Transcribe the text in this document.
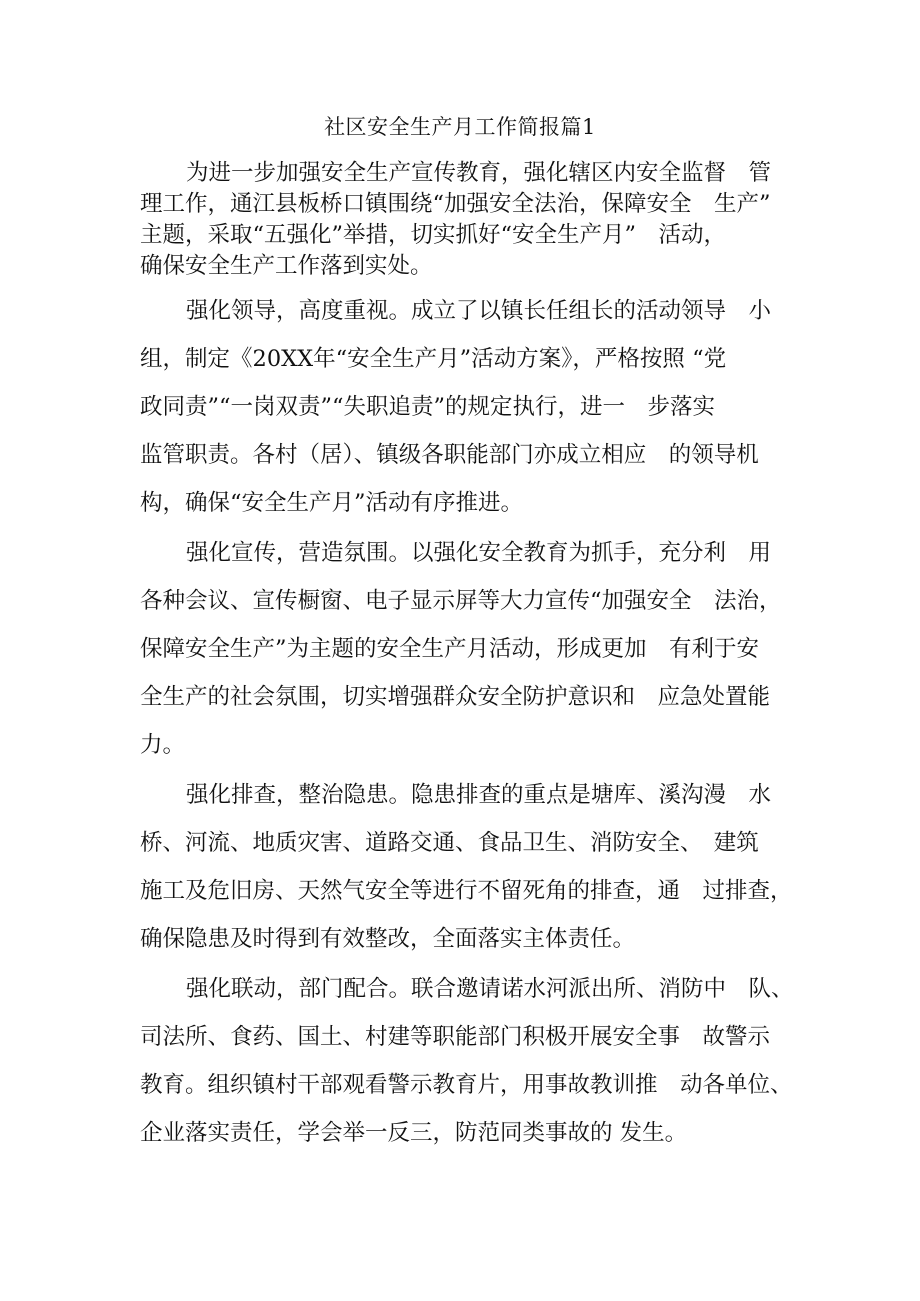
社区安全生产月工作简报篇1

为进一步加强安全生产宣传教育，强化辖区内安全监督　管

理工作，通江县板桥口镇围绕“加强安全法治，保障安全　生产”

主题，采取“五强化”举措，切实抓好“安全生产月”　活动，

确保安全生产工作落到实处。

强化领导，高度重视。成立了以镇长任组长的活动领导　小

组，制定《20XX年“安全生产月”活动方案》，严格按照 “党

政同责”“一岗双责”“失职追责”的规定执行，进一　步落实

监管职责。各村（居）、镇级各职能部门亦成立相应　的领导机

构，确保“安全生产月”活动有序推进。

强化宣传，营造氛围。以强化安全教育为抓手，充分利　用

各种会议、宣传橱窗、电子显示屏等大力宣传“加强安全　法治，

保障安全生产”为主题的安全生产月活动，形成更加　有利于安

全生产的社会氛围，切实增强群众安全防护意识和　应急处置能

力。

强化排查，整治隐患。隐患排查的重点是塘库、溪沟漫　水

桥、河流、地质灾害、道路交通、食品卫生、消防安全、　建筑

施工及危旧房、天然气安全等进行不留死角的排查，通　过排查，

确保隐患及时得到有效整改，全面落实主体责任。

强化联动，部门配合。联合邀请诺水河派出所、消防中　队、

司法所、食药、国土、村建等职能部门积极开展安全事　故警示

教育。组织镇村干部观看警示教育片，用事故教训推　动各单位、

企业落实责任，学会举一反三，防范同类事故的 发生。
